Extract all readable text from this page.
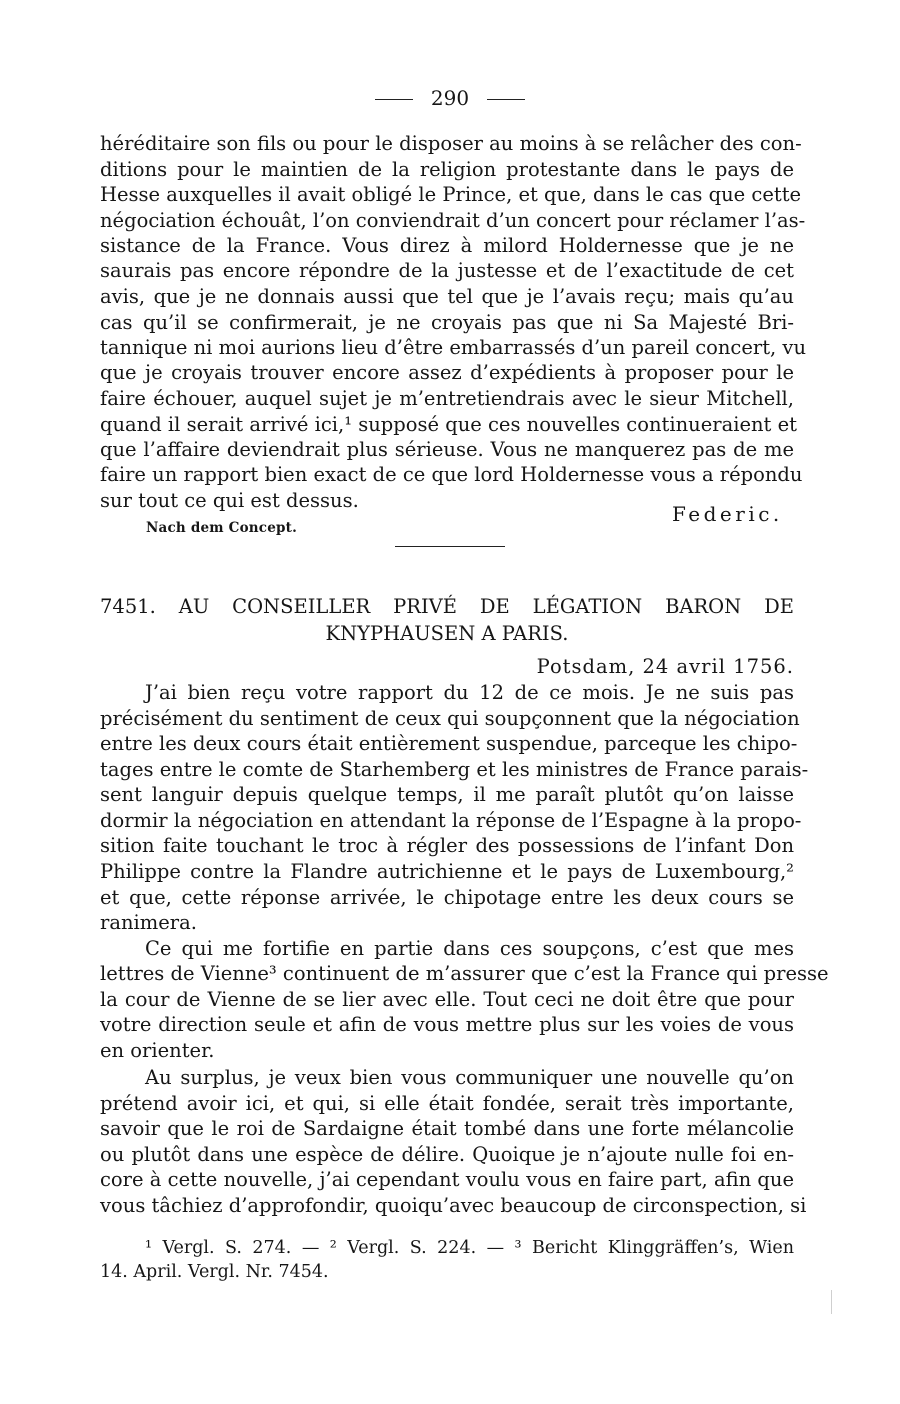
290
héréditaire son fils ou pour le disposer au moins à se relâcher des con-
ditions pour le maintien de la religion protestante dans le pays de
Hesse auxquelles il avait obligé le Prince, et que, dans le cas que cette
négociation échouât, l’on conviendrait d’un concert pour réclamer l’as-
sistance de la France. Vous direz à milord Holdernesse que je ne
saurais pas encore répondre de la justesse et de l’exactitude de cet
avis, que je ne donnais aussi que tel que je l’avais reçu; mais qu’au
cas qu’il se confirmerait, je ne croyais pas que ni Sa Majesté Bri-
tannique ni moi aurions lieu d’être embarrassés d’un pareil concert, vu
que je croyais trouver encore assez d’expédients à proposer pour le
faire échouer, auquel sujet je m’entretiendrais avec le sieur Mitchell,
quand il serait arrivé ici,¹ supposé que ces nouvelles continueraient et
que l’affaire deviendrait plus sérieuse. Vous ne manquerez pas de me
faire un rapport bien exact de ce que lord Holdernesse vous a répondu
sur tout ce qui est dessus.
Federic.
Nach dem Concept.
7451. AU CONSEILLER PRIVÉ DE LÉGATION BARON DE
KNYPHAUSEN A PARIS.
Potsdam, 24 avril 1756.
J’ai bien reçu votre rapport du 12 de ce mois. Je ne suis pas
précisément du sentiment de ceux qui soupçonnent que la négociation
entre les deux cours était entièrement suspendue, parceque les chipo-
tages entre le comte de Starhemberg et les ministres de France parais-
sent languir depuis quelque temps, il me paraît plutôt qu’on laisse
dormir la négociation en attendant la réponse de l’Espagne à la propo-
sition faite touchant le troc à régler des possessions de l’infant Don
Philippe contre la Flandre autrichienne et le pays de Luxembourg,²
et que, cette réponse arrivée, le chipotage entre les deux cours se
ranimera.
Ce qui me fortifie en partie dans ces soupçons, c’est que mes
lettres de Vienne³ continuent de m’assurer que c’est la France qui presse
la cour de Vienne de se lier avec elle. Tout ceci ne doit être que pour
votre direction seule et afin de vous mettre plus sur les voies de vous
en orienter.
Au surplus, je veux bien vous communiquer une nouvelle qu’on
prétend avoir ici, et qui, si elle était fondée, serait très importante,
savoir que le roi de Sardaigne était tombé dans une forte mélancolie
ou plutôt dans une espèce de délire. Quoique je n’ajoute nulle foi en-
core à cette nouvelle, j’ai cependant voulu vous en faire part, afin que
vous tâchiez d’approfondir, quoiqu’avec beaucoup de circonspection, si
¹ Vergl. S. 274. — ² Vergl. S. 224. — ³ Bericht Klinggräffen’s, Wien
14. April. Vergl. Nr. 7454.
